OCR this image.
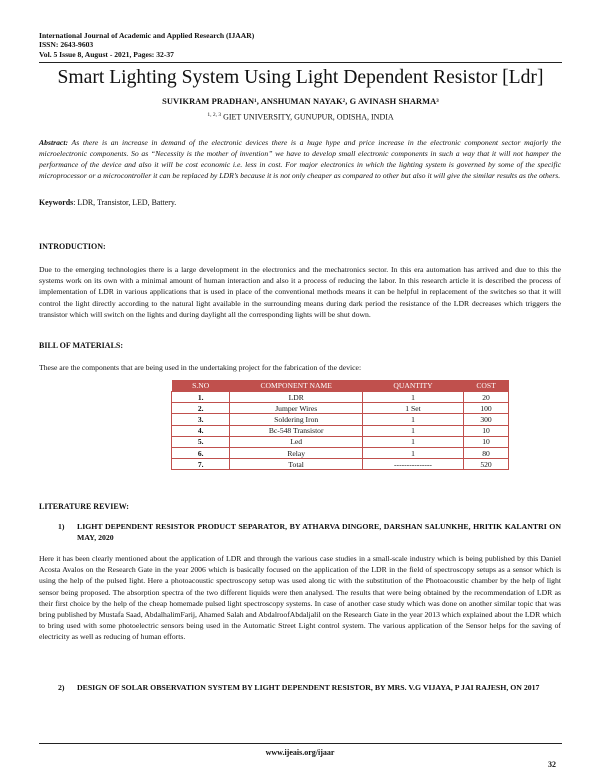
International Journal of Academic and Applied Research (IJAAR)
ISSN: 2643-9603
Vol. 5 Issue 8, August - 2021, Pages: 32-37
Smart Lighting System Using Light Dependent Resistor [Ldr]
SUVIKRAM PRADHAN¹, ANSHUMAN NAYAK², G AVINASH SHARMA³
$^{1, 2, 3}$ GIET UNIVERSITY, GUNUPUR, ODISHA, INDIA
Abstract: As there is an increase in demand of the electronic devices there is a huge hype and price increase in the electronic component sector majorly the microelectronic components. So as “Necessity is the mother of invention” we have to develop small electronic components in such a way that it will not hamper the performance of the device and also it will be cost economic i.e. less in cost. For major electronics in which the lighting system is governed by some of the specific microprocessor or a microcontroller it can be replaced by LDR’s because it is not only cheaper as compared to other but also it will give the similar results as the others.
Keywords: LDR, Transistor, LED, Battery.
INTRODUCTION:
Due to the emerging technologies there is a large development in the electronics and the mechatronics sector. In this era automation has arrived and due to this the systems work on its own with a minimal amount of human interaction and also it a process of reducing the labor. In this research article it is described the process of implementation of LDR in various applications that is used in place of the conventional methods means it can be helpful in replacement of the switches so that it will control the light directly according to the natural light available in the surrounding means during dark period the resistance of the LDR decreases which triggers the transistor which will switch on the lights and during daylight all the corresponding lights will be shut down.
BILL OF MATERIALS:
These are the components that are being used in the undertaking project for the fabrication of the device:
S.NO	COMPONENT NAME	QUANTITY	COST
1.	LDR	1	20
2.	Jumper Wires	1 Set	100
3.	Soldering Iron	1	300
4.	Bc-548 Transistor	1	10
5.	Led	1	10
6.	Relay	1	80
7.	Total	---------------	520
LITERATURE REVIEW:
1) LIGHT DEPENDENT RESISTOR PRODUCT SEPARATOR, BY ATHARVA DINGORE, DARSHAN SALUNKHE, HRITIK KALANTRI ON MAY, 2020
Here it has been clearly mentioned about the application of LDR and through the various case studies in a small-scale industry which is being published by this Daniel Acosta Avalos on the Research Gate in the year 2006 which is basically focused on the application of the LDR in the field of spectroscopy setups as a sensor which is using the help of the pulsed light. Here a photoacoustic spectroscopy setup was used along tic with the substitution of the Photoacoustic chamber by the help of light sensor being proposed. The absorption spectra of the two different liquids were then analysed. The results that were being obtained by the recommendation of LDR as their first choice by the help of the cheap homemade pulsed light spectroscopy systems. In case of another case study which was done on another similar topic that was bring published by Mustafa Saad, AbdalhalimFarij, Ahamed Salah and AbdalroofAbdaljalil on the Research Gate in the year 2013 which explained about the LDR which to bring used with some photoelectric sensors being used in the Automatic Street Light control system. The various application of the Sensor helps for the saving of electricity as well as reducing of human efforts.
2) DESIGN OF SOLAR OBSERVATION SYSTEM BY LIGHT DEPENDENT RESISTOR, BY MRS. V.G VIJAYA, P JAI RAJESH, ON 2017
www.ijeais.org/ijaar
32
